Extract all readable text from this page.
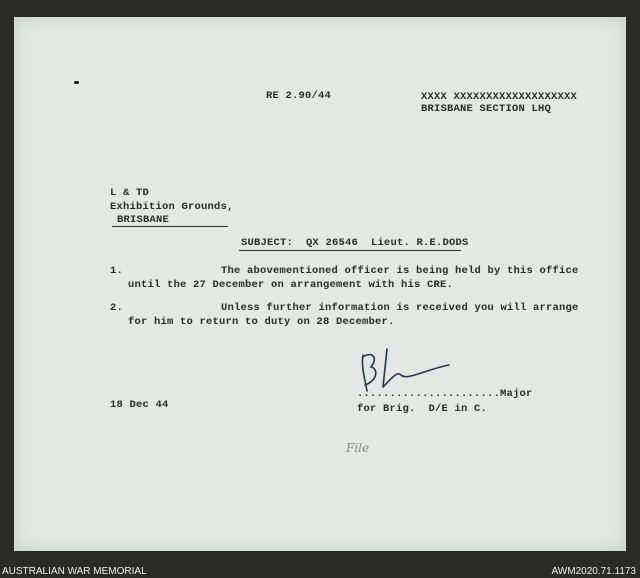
RE 2.90/44	XXXX XXXXXXXXXXXXXXXXXXX
BRISBANE SECTION LHQ
L & TD
Exhibition Grounds,
BRISBANE
SUBJECT:  QX 26546  Lieut. R.E.DODS
1.	The abovementioned officer is being held by this office
until the 27 December on arrangement with his CRE.
2.	Unless further information is received you will arrange
for him to return to duty on 28 December.
......................Major
for Brig.  D/E in C.
18 Dec 44
File
AUSTRALIAN WAR MEMORIAL	AWM2020.71.1173
